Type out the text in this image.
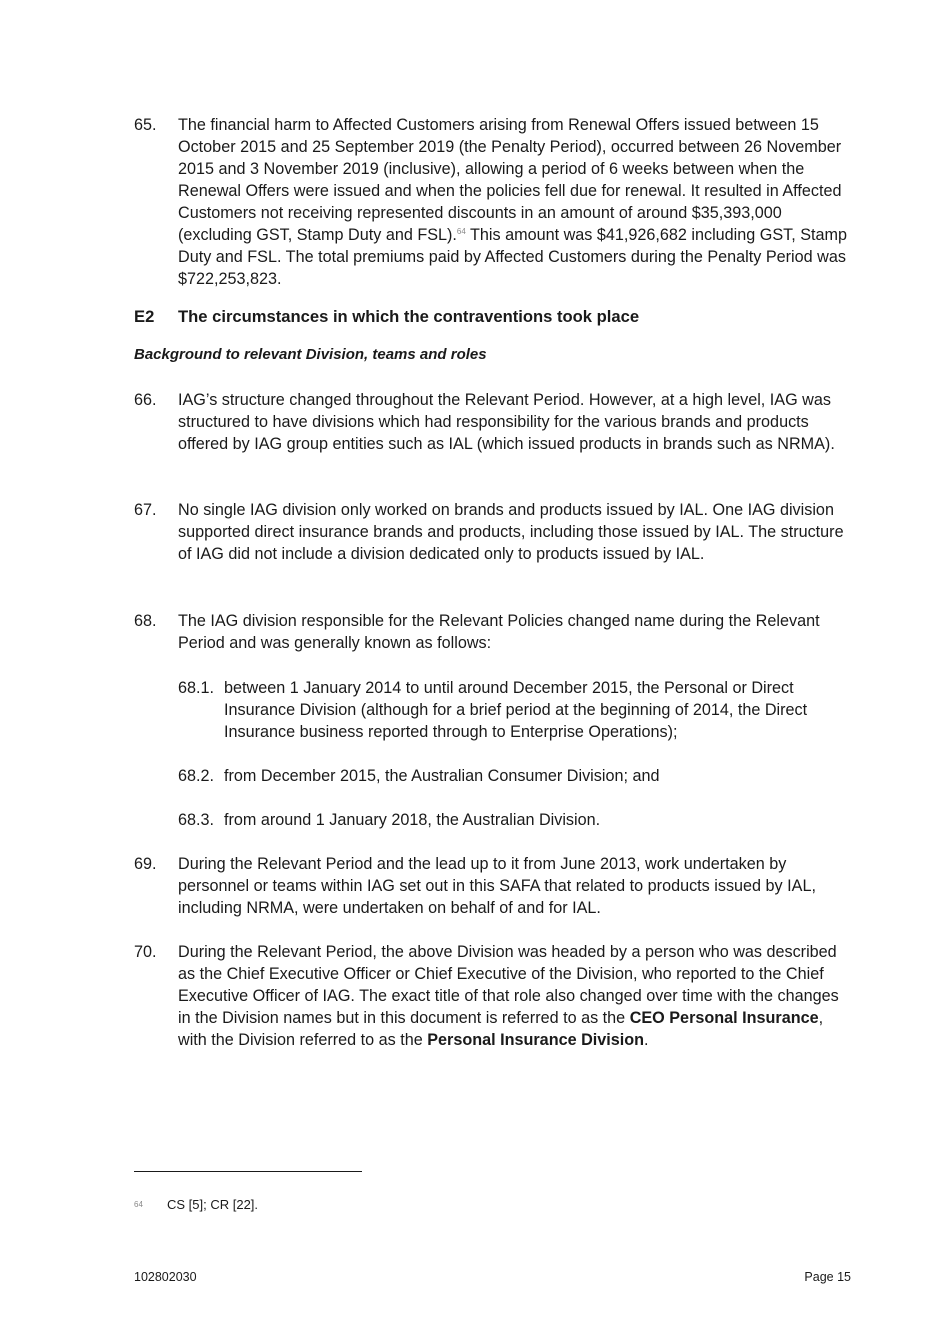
65. The financial harm to Affected Customers arising from Renewal Offers issued between 15 October 2015 and 25 September 2019 (the Penalty Period), occurred between 26 November 2015 and 3 November 2019 (inclusive), allowing a period of 6 weeks between when the Renewal Offers were issued and when the policies fell due for renewal. It resulted in Affected Customers not receiving represented discounts in an amount of around $35,393,000 (excluding GST, Stamp Duty and FSL).$^{64}$ This amount was $41,926,682 including GST, Stamp Duty and FSL. The total premiums paid by Affected Customers during the Penalty Period was $722,253,823.
E2 The circumstances in which the contraventions took place
Background to relevant Division, teams and roles
66. IAG’s structure changed throughout the Relevant Period. However, at a high level, IAG was structured to have divisions which had responsibility for the various brands and products offered by IAG group entities such as IAL (which issued products in brands such as NRMA).
67. No single IAG division only worked on brands and products issued by IAL. One IAG division supported direct insurance brands and products, including those issued by IAL. The structure of IAG did not include a division dedicated only to products issued by IAL.
68. The IAG division responsible for the Relevant Policies changed name during the Relevant Period and was generally known as follows:
68.1. between 1 January 2014 to until around December 2015, the Personal or Direct Insurance Division (although for a brief period at the beginning of 2014, the Direct Insurance business reported through to Enterprise Operations);
68.2. from December 2015, the Australian Consumer Division; and
68.3. from around 1 January 2018, the Australian Division.
69. During the Relevant Period and the lead up to it from June 2013, work undertaken by personnel or teams within IAG set out in this SAFA that related to products issued by IAL, including NRMA, were undertaken on behalf of and for IAL.
70. During the Relevant Period, the above Division was headed by a person who was described as the Chief Executive Officer or Chief Executive of the Division, who reported to the Chief Executive Officer of IAG. The exact title of that role also changed over time with the changes in the Division names but in this document is referred to as the CEO Personal Insurance, with the Division referred to as the Personal Insurance Division.
64 CS [5]; CR [22].
102802030	Page 15
